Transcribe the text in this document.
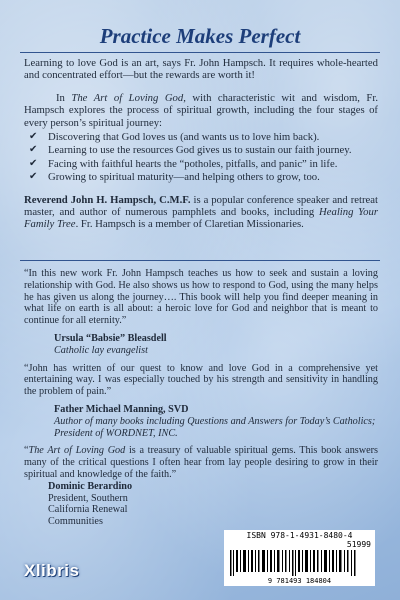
Practice Makes Perfect

Learning to love God is an art, says Fr. John Hampsch. It requires whole-hearted and concentrated effort—but the rewards are worth it!

In The Art of Loving God, with characteristic wit and wisdom, Fr. Hampsch explores the process of spiritual growth, including the four stages of every person’s spiritual journey:

✔ Discovering that God loves us (and wants us to love him back).
✔ Learning to use the resources God gives us to sustain our faith journey.
✔ Facing with faithful hearts the “potholes, pitfalls, and panic” in life.
✔ Growing to spiritual maturity—and helping others to grow, too.

Reverend John H. Hampsch, C.M.F. is a popular conference speaker and retreat master, and author of numerous pamphlets and books, including Healing Your Family Tree. Fr. Hampsch is a member of Claretian Missionaries.

“In this new work Fr. John Hampsch teaches us how to seek and sustain a loving relationship with God. He also shows us how to respond to God, using the many helps he has given us along the journey…. This book will help you find deeper meaning in what life on earth is all about: a heroic love for God and neighbor that is meant to continue for all eternity.”

Ursula “Babsie” Bleasdell
Catholic lay evangelist

“John has written of our quest to know and love God in a comprehensive yet entertaining way. I was especially touched by his strength and sensitivity in handling the problem of pain.”

Father Michael Manning, SVD
Author of many books including Questions and Answers for Today’s Catholics; President of WORDNET, INC.

“The Art of Loving God is a treasury of valuable spiritual gems. This book answers many of the critical questions I often hear from lay people desiring to grow in their spiritual and knowledge of the faith.”

Dominic Berardino
President, Southern
California Renewal
Communities
Xlibris
ISBN 978-1-4931-8480-4
51999
9 781493 184804
